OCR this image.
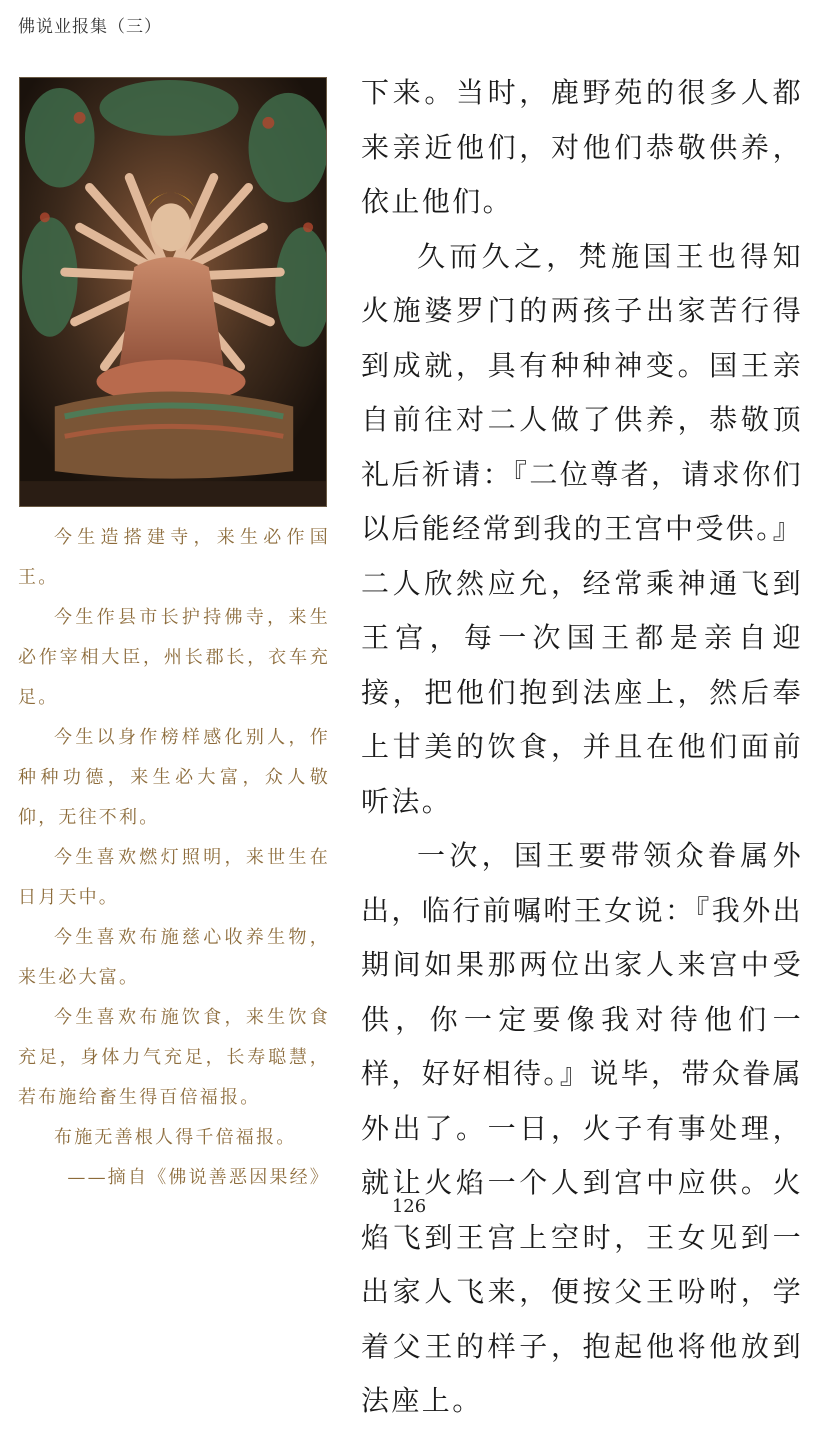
佛说业报集（三）

今生造搭建寺，来生必作国王。

今生作县市长护持佛寺，来生必作宰相大臣，州长郡长，衣车充足。

今生以身作榜样感化别人，作种种功德，来生必大富，众人敬仰，无往不利。

今生喜欢燃灯照明，来世生在日月天中。

今生喜欢布施慈心收养生物，来生必大富。

今生喜欢布施饮食，来生饮食充足，身体力气充足，长寿聪慧，若布施给畜生得百倍福报。

布施无善根人得千倍福报。

——摘自《佛说善恶因果经》

下来。当时，鹿野苑的很多人都来亲近他们，对他们恭敬供养，依止他们。

久而久之，梵施国王也得知火施婆罗门的两孩子出家苦行得到成就，具有种种神变。国王亲自前往对二人做了供养，恭敬顶礼后祈请：『二位尊者，请求你们以后能经常到我的王宫中受供。』二人欣然应允，经常乘神通飞到王宫，每一次国王都是亲自迎接，把他们抱到法座上，然后奉上甘美的饮食，并且在他们面前听法。

一次，国王要带领众眷属外出，临行前嘱咐王女说：『我外出期间如果那两位出家人来宫中受供，你一定要像我对待他们一样，好好相待。』说毕，带众眷属外出了。一日，火子有事处理，就让火焰一个人到宫中应供。火焰飞到王宫上空时，王女见到一出家人飞来，便按父王吩咐，学着父王的样子，抱起他将他放到法座上。

126
